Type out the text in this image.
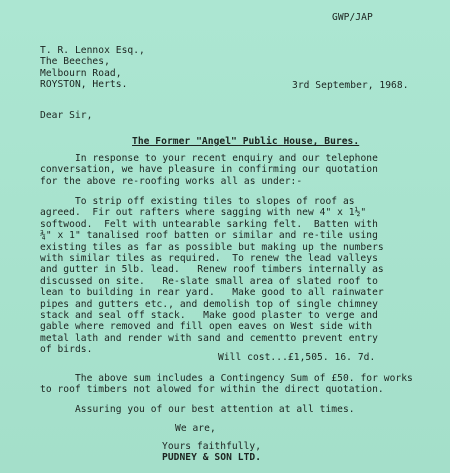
GWP/JAP
T. R. Lennox Esq.,
The Beeches,
Melbourn Road,
ROYSTON, Herts.	3rd September, 1968.
Dear Sir,
The Former "Angel" Public House, Bures.
In response to your recent enquiry and our telephone
conversation, we have pleasure in confirming our quotation
for the above re-roofing works all as under:-
To strip off existing tiles to slopes of roof as
agreed.  Fir out rafters where sagging with new 4" x 1½"
softwood.  Felt with untearable sarking felt.  Batten with
¾" x 1" tanalised roof batten or similar and re-tile using
existing tiles as far as possible but making up the numbers
with similar tiles as required.  To renew the lead valleys
and gutter in 5lb. lead.   Renew roof timbers internally as
discussed on site.   Re-slate small area of slated roof to
lean to building in rear yard.   Make good to all rainwater
pipes and gutters etc., and demolish top of single chimney
stack and seal off stack.   Make good plaster to verge and
gable where removed and fill open eaves on West side with
metal lath and render with sand and cementto prevent entry
of birds.
Will cost...£1,505. 16. 7d.
The above sum includes a Contingency Sum of £50. for works
to roof timbers not alowed for within the direct quotation.
Assuring you of our best attention at all times.
We are,
Yours faithfully,
PUDNEY & SON LTD.
